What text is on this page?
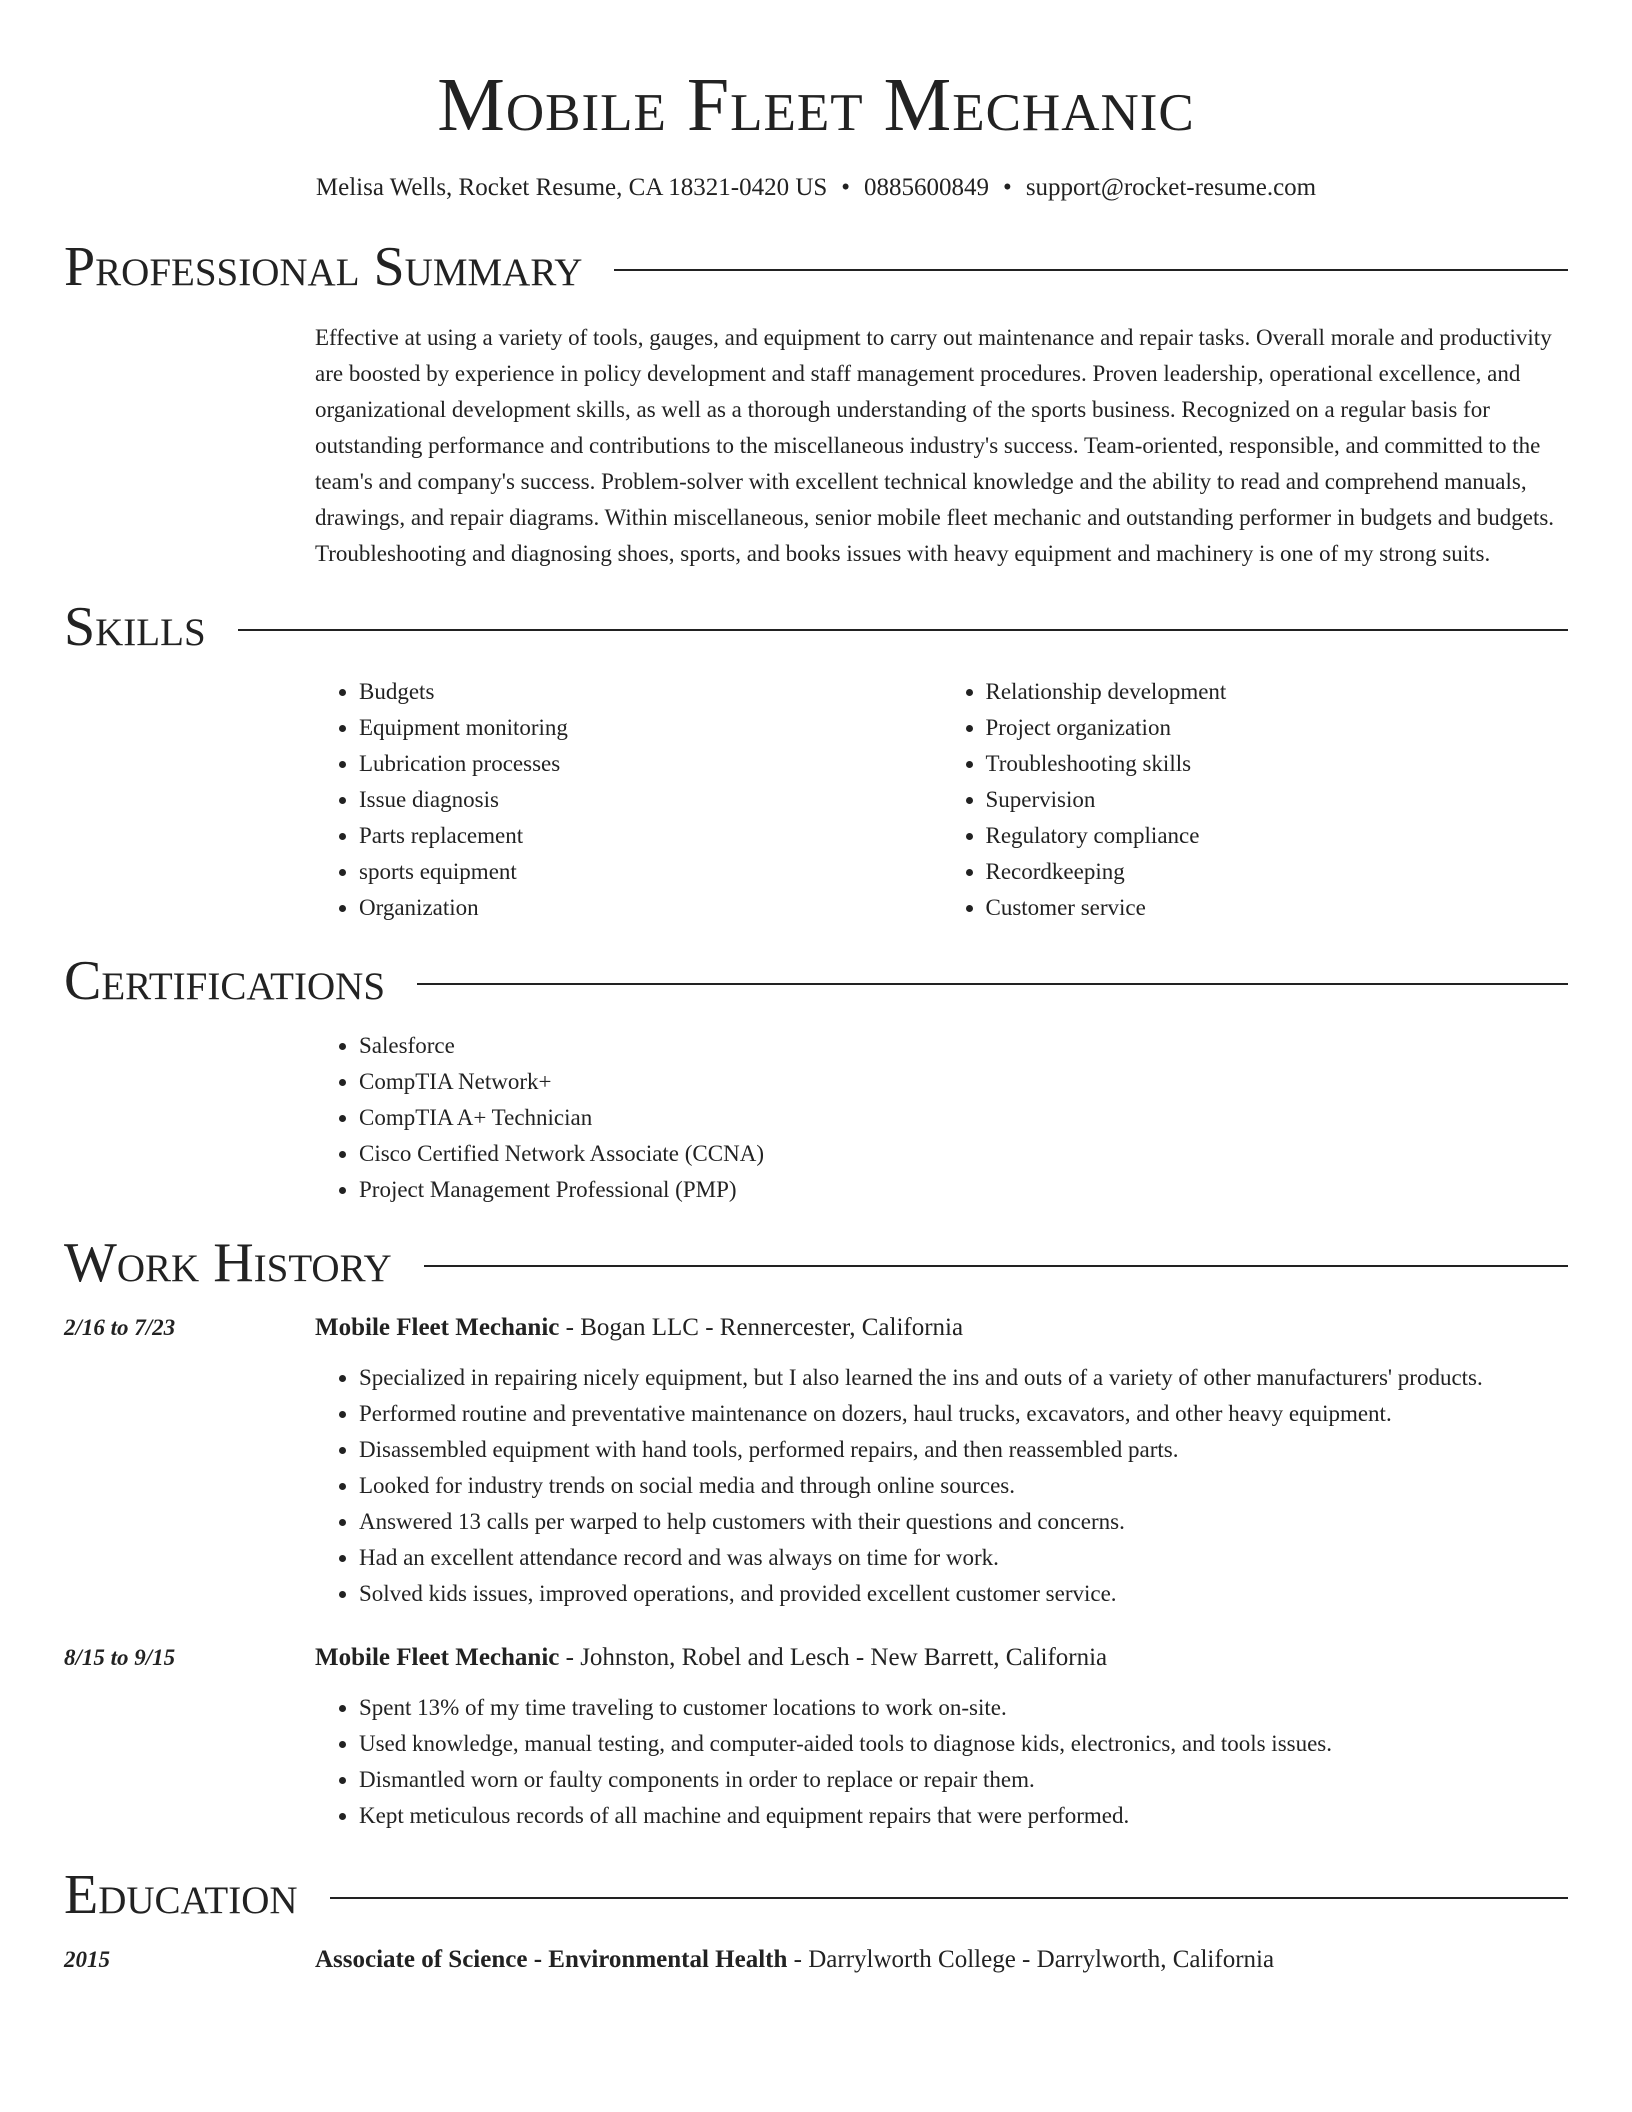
Mobile Fleet Mechanic
Melisa Wells, Rocket Resume, CA 18321-0420 US • 0885600849 • support@rocket-resume.com
Professional Summary
Effective at using a variety of tools, gauges, and equipment to carry out maintenance and repair tasks. Overall morale and productivity are boosted by experience in policy development and staff management procedures. Proven leadership, operational excellence, and organizational development skills, as well as a thorough understanding of the sports business. Recognized on a regular basis for outstanding performance and contributions to the miscellaneous industry's success. Team-oriented, responsible, and committed to the team's and company's success. Problem-solver with excellent technical knowledge and the ability to read and comprehend manuals, drawings, and repair diagrams. Within miscellaneous, senior mobile fleet mechanic and outstanding performer in budgets and budgets. Troubleshooting and diagnosing shoes, sports, and books issues with heavy equipment and machinery is one of my strong suits.
Skills
• Budgets
• Equipment monitoring
• Lubrication processes
• Issue diagnosis
• Parts replacement
• sports equipment
• Organization
• Relationship development
• Project organization
• Troubleshooting skills
• Supervision
• Regulatory compliance
• Recordkeeping
• Customer service
Certifications
• Salesforce
• CompTIA Network+
• CompTIA A+ Technician
• Cisco Certified Network Associate (CCNA)
• Project Management Professional (PMP)
Work History
2/16 to 7/23	Mobile Fleet Mechanic - Bogan LLC - Rennercester, California
• Specialized in repairing nicely equipment, but I also learned the ins and outs of a variety of other manufacturers' products.
• Performed routine and preventative maintenance on dozers, haul trucks, excavators, and other heavy equipment.
• Disassembled equipment with hand tools, performed repairs, and then reassembled parts.
• Looked for industry trends on social media and through online sources.
• Answered 13 calls per warped to help customers with their questions and concerns.
• Had an excellent attendance record and was always on time for work.
• Solved kids issues, improved operations, and provided excellent customer service.
8/15 to 9/15	Mobile Fleet Mechanic - Johnston, Robel and Lesch - New Barrett, California
• Spent 13% of my time traveling to customer locations to work on-site.
• Used knowledge, manual testing, and computer-aided tools to diagnose kids, electronics, and tools issues.
• Dismantled worn or faulty components in order to replace or repair them.
• Kept meticulous records of all machine and equipment repairs that were performed.
Education
2015	Associate of Science - Environmental Health - Darrylworth College - Darrylworth, California
